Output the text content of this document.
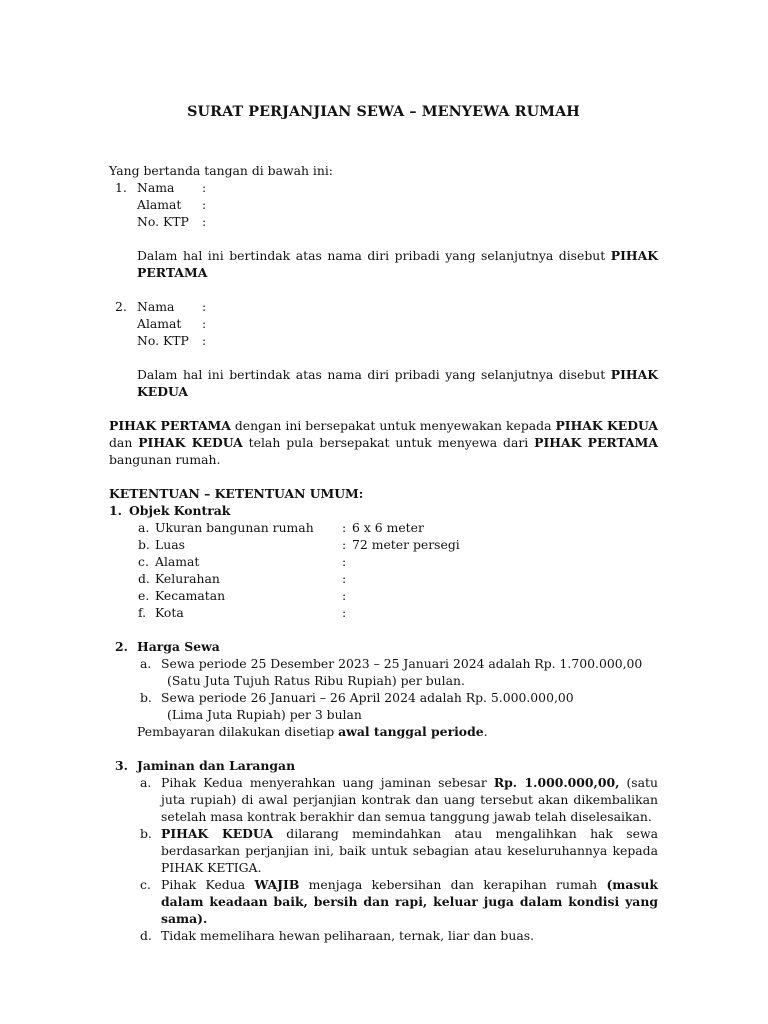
SURAT PERJANJIAN SEWA – MENYEWA RUMAH

Yang bertanda tangan di bawah ini:

1. Nama	:
Alamat	:
No. KTP	:

Dalam hal ini bertindak atas nama diri pribadi yang selanjutnya disebut PIHAK PERTAMA

2. Nama	:
Alamat	:
No. KTP	:

Dalam hal ini bertindak atas nama diri pribadi yang selanjutnya disebut PIHAK KEDUA

PIHAK PERTAMA dengan ini bersepakat untuk menyewakan kepada PIHAK KEDUA dan PIHAK KEDUA telah pula bersepakat untuk menyewa dari PIHAK PERTAMA bangunan rumah.

KETENTUAN – KETENTUAN UMUM:

1. Objek Kontrak
a. Ukuran bangunan rumah	: 6 x 6 meter
b. Luas	: 72 meter persegi
c. Alamat	:
d. Kelurahan	:
e. Kecamatan	:
f. Kota	:
2. Harga Sewa
a. Sewa periode 25 Desember 2023 – 25 Januari 2024 adalah Rp. 1.700.000,00
(Satu Juta Tujuh Ratus Ribu Rupiah) per bulan.
b. Sewa periode 26 Januari – 26 April 2024 adalah Rp. 5.000.000,00
(Lima Juta Rupiah) per 3 bulan

Pembayaran dilakukan disetiap awal tanggal periode.

3. Jaminan dan Larangan
a. Pihak Kedua menyerahkan uang jaminan sebesar Rp. 1.000.000,00, (satu juta rupiah) di awal perjanjian kontrak dan uang tersebut akan dikembalikan setelah masa kontrak berakhir dan semua tanggung jawab telah diselesaikan.
b. PIHAK KEDUA dilarang memindahkan atau mengalihkan hak sewa berdasarkan perjanjian ini, baik untuk sebagian atau keseluruhannya kepada PIHAK KETIGA.
c. Pihak Kedua WAJIB menjaga kebersihan dan kerapihan rumah (masuk dalam keadaan baik, bersih dan rapi, keluar juga dalam kondisi yang sama).
d. Tidak memelihara hewan peliharaan, ternak, liar dan buas.
